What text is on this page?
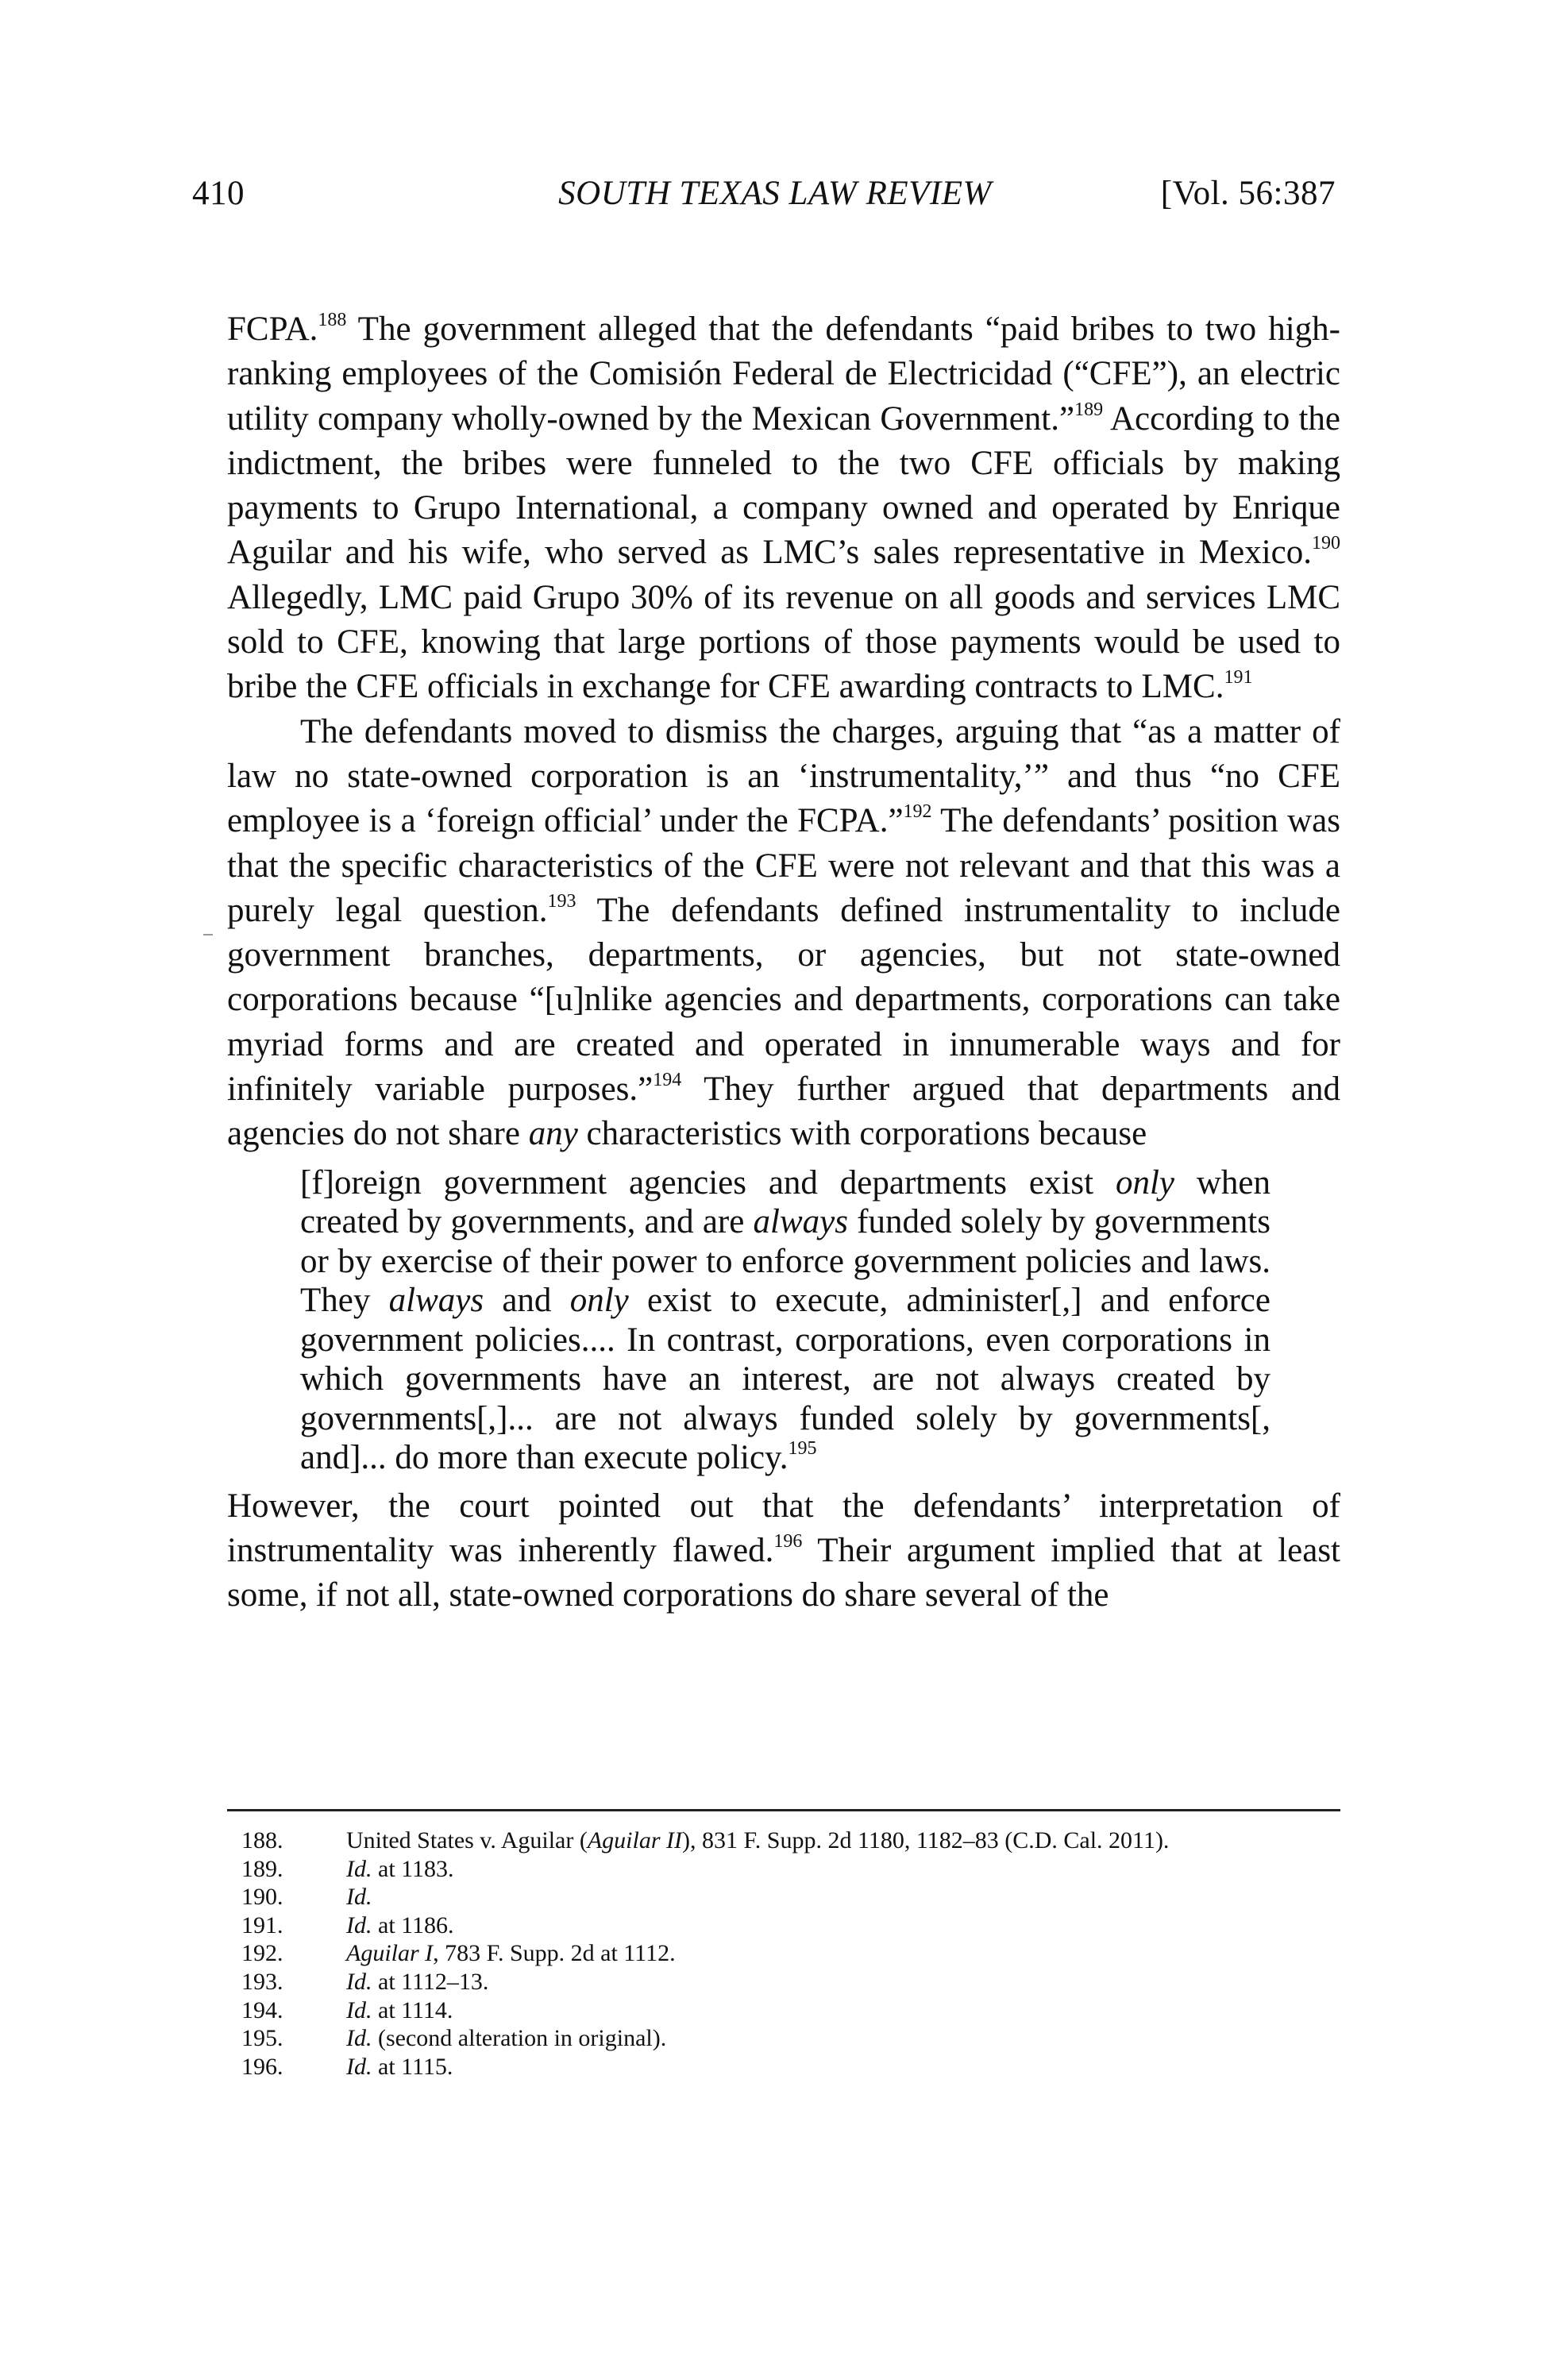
410	SOUTH TEXAS LAW REVIEW	[Vol. 56:387

FCPA.$^{188}$ The government alleged that the defendants “paid bribes to two high-ranking employees of the Comisión Federal de Electricidad (“CFE”), an electric utility company wholly-owned by the Mexican Government.”$^{189}$ According to the indictment, the bribes were funneled to the two CFE officials by making payments to Grupo International, a company owned and operated by Enrique Aguilar and his wife, who served as LMC’s sales representative in Mexico.$^{190}$ Allegedly, LMC paid Grupo 30% of its revenue on all goods and services LMC sold to CFE, knowing that large portions of those payments would be used to bribe the CFE officials in exchange for CFE awarding contracts to LMC.$^{191}$

The defendants moved to dismiss the charges, arguing that “as a matter of law no state-owned corporation is an ‘instrumentality,’” and thus “no CFE employee is a ‘foreign official’ under the FCPA.”$^{192}$ The defendants’ position was that the specific characteristics of the CFE were not relevant and that this was a purely legal question.$^{193}$ The defendants defined instrumentality to include government branches, departments, or agencies, but not state-owned corporations because “[u]nlike agencies and departments, corporations can take myriad forms and are created and operated in innumerable ways and for infinitely variable purposes.”$^{194}$ They further argued that departments and agencies do not share any characteristics with corporations because

[f]oreign government agencies and departments exist only when created by governments, and are always funded solely by governments or by exercise of their power to enforce government policies and laws. They always and only exist to execute, administer[,] and enforce government policies.... In contrast, corporations, even corporations in which governments have an interest, are not always created by governments[,]... are not always funded solely by governments[, and]... do more than execute policy.$^{195}$

However, the court pointed out that the defendants’ interpretation of instrumentality was inherently flawed.$^{196}$ Their argument implied that at least some, if not all, state-owned corporations do share several of the

188.	United States v. Aguilar (Aguilar II), 831 F. Supp. 2d 1180, 1182–83 (C.D. Cal. 2011).
189.	Id. at 1183.
190.	Id.
191.	Id. at 1186.
192.	Aguilar I, 783 F. Supp. 2d at 1112.
193.	Id. at 1112–13.
194.	Id. at 1114.
195.	Id. (second alteration in original).
196.	Id. at 1115.
